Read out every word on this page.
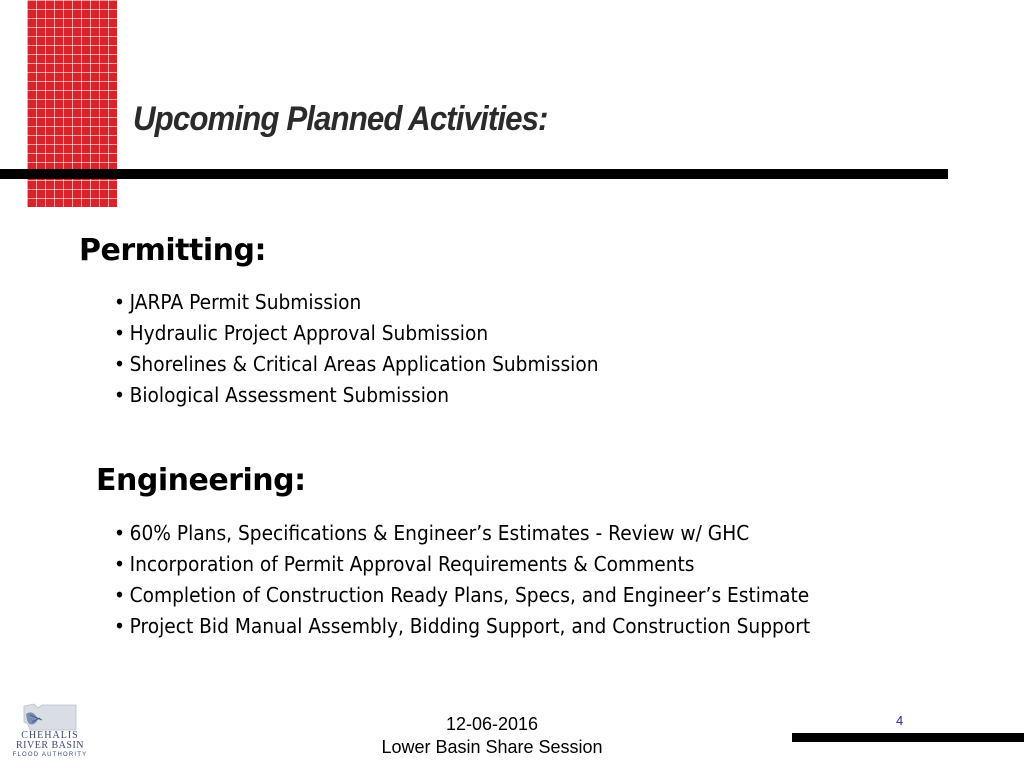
Upcoming Planned Activities:
Permitting:
• JARPA Permit Submission
• Hydraulic Project Approval Submission
• Shorelines & Critical Areas Application Submission
• Biological Assessment Submission
Engineering:
• 60% Plans, Specifications & Engineer’s Estimates - Review w/ GHC
• Incorporation of Permit Approval Requirements & Comments
• Completion of Construction Ready Plans, Specs, and Engineer’s Estimate
• Project Bid Manual Assembly, Bidding Support, and Construction Support
CHEHALIS
RIVER BASIN
FLOOD AUTHORITY
12-06-2016
Lower Basin Share Session
4
